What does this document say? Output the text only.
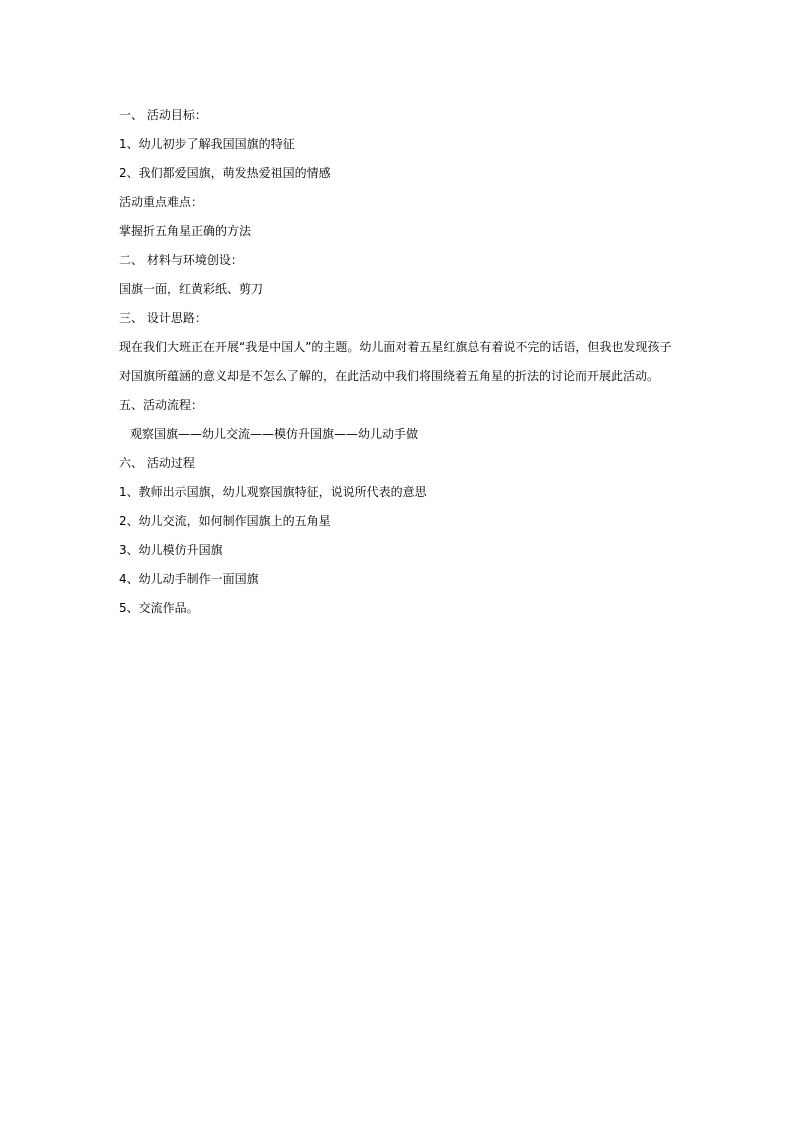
一、 活动目标：
1、幼儿初步了解我国国旗的特征
2、我们都爱国旗，萌发热爱祖国的情感
活动重点难点：
掌握折五角星正确的方法
二、 材料与环境创设：
国旗一面，红黄彩纸、剪刀
三、 设计思路：
现在我们大班正在开展“我是中国人”的主题。幼儿面对着五星红旗总有着说不完的话语，但我也发现孩子
对国旗所蕴涵的意义却是不怎么了解的，在此活动中我们将围绕着五角星的折法的讨论而开展此活动。
五、活动流程：
观察国旗——幼儿交流——模仿升国旗——幼儿动手做
六、 活动过程
1、教师出示国旗，幼儿观察国旗特征，说说所代表的意思
2、幼儿交流，如何制作国旗上的五角星
3、幼儿模仿升国旗
4、幼儿动手制作一面国旗
5、交流作品。
